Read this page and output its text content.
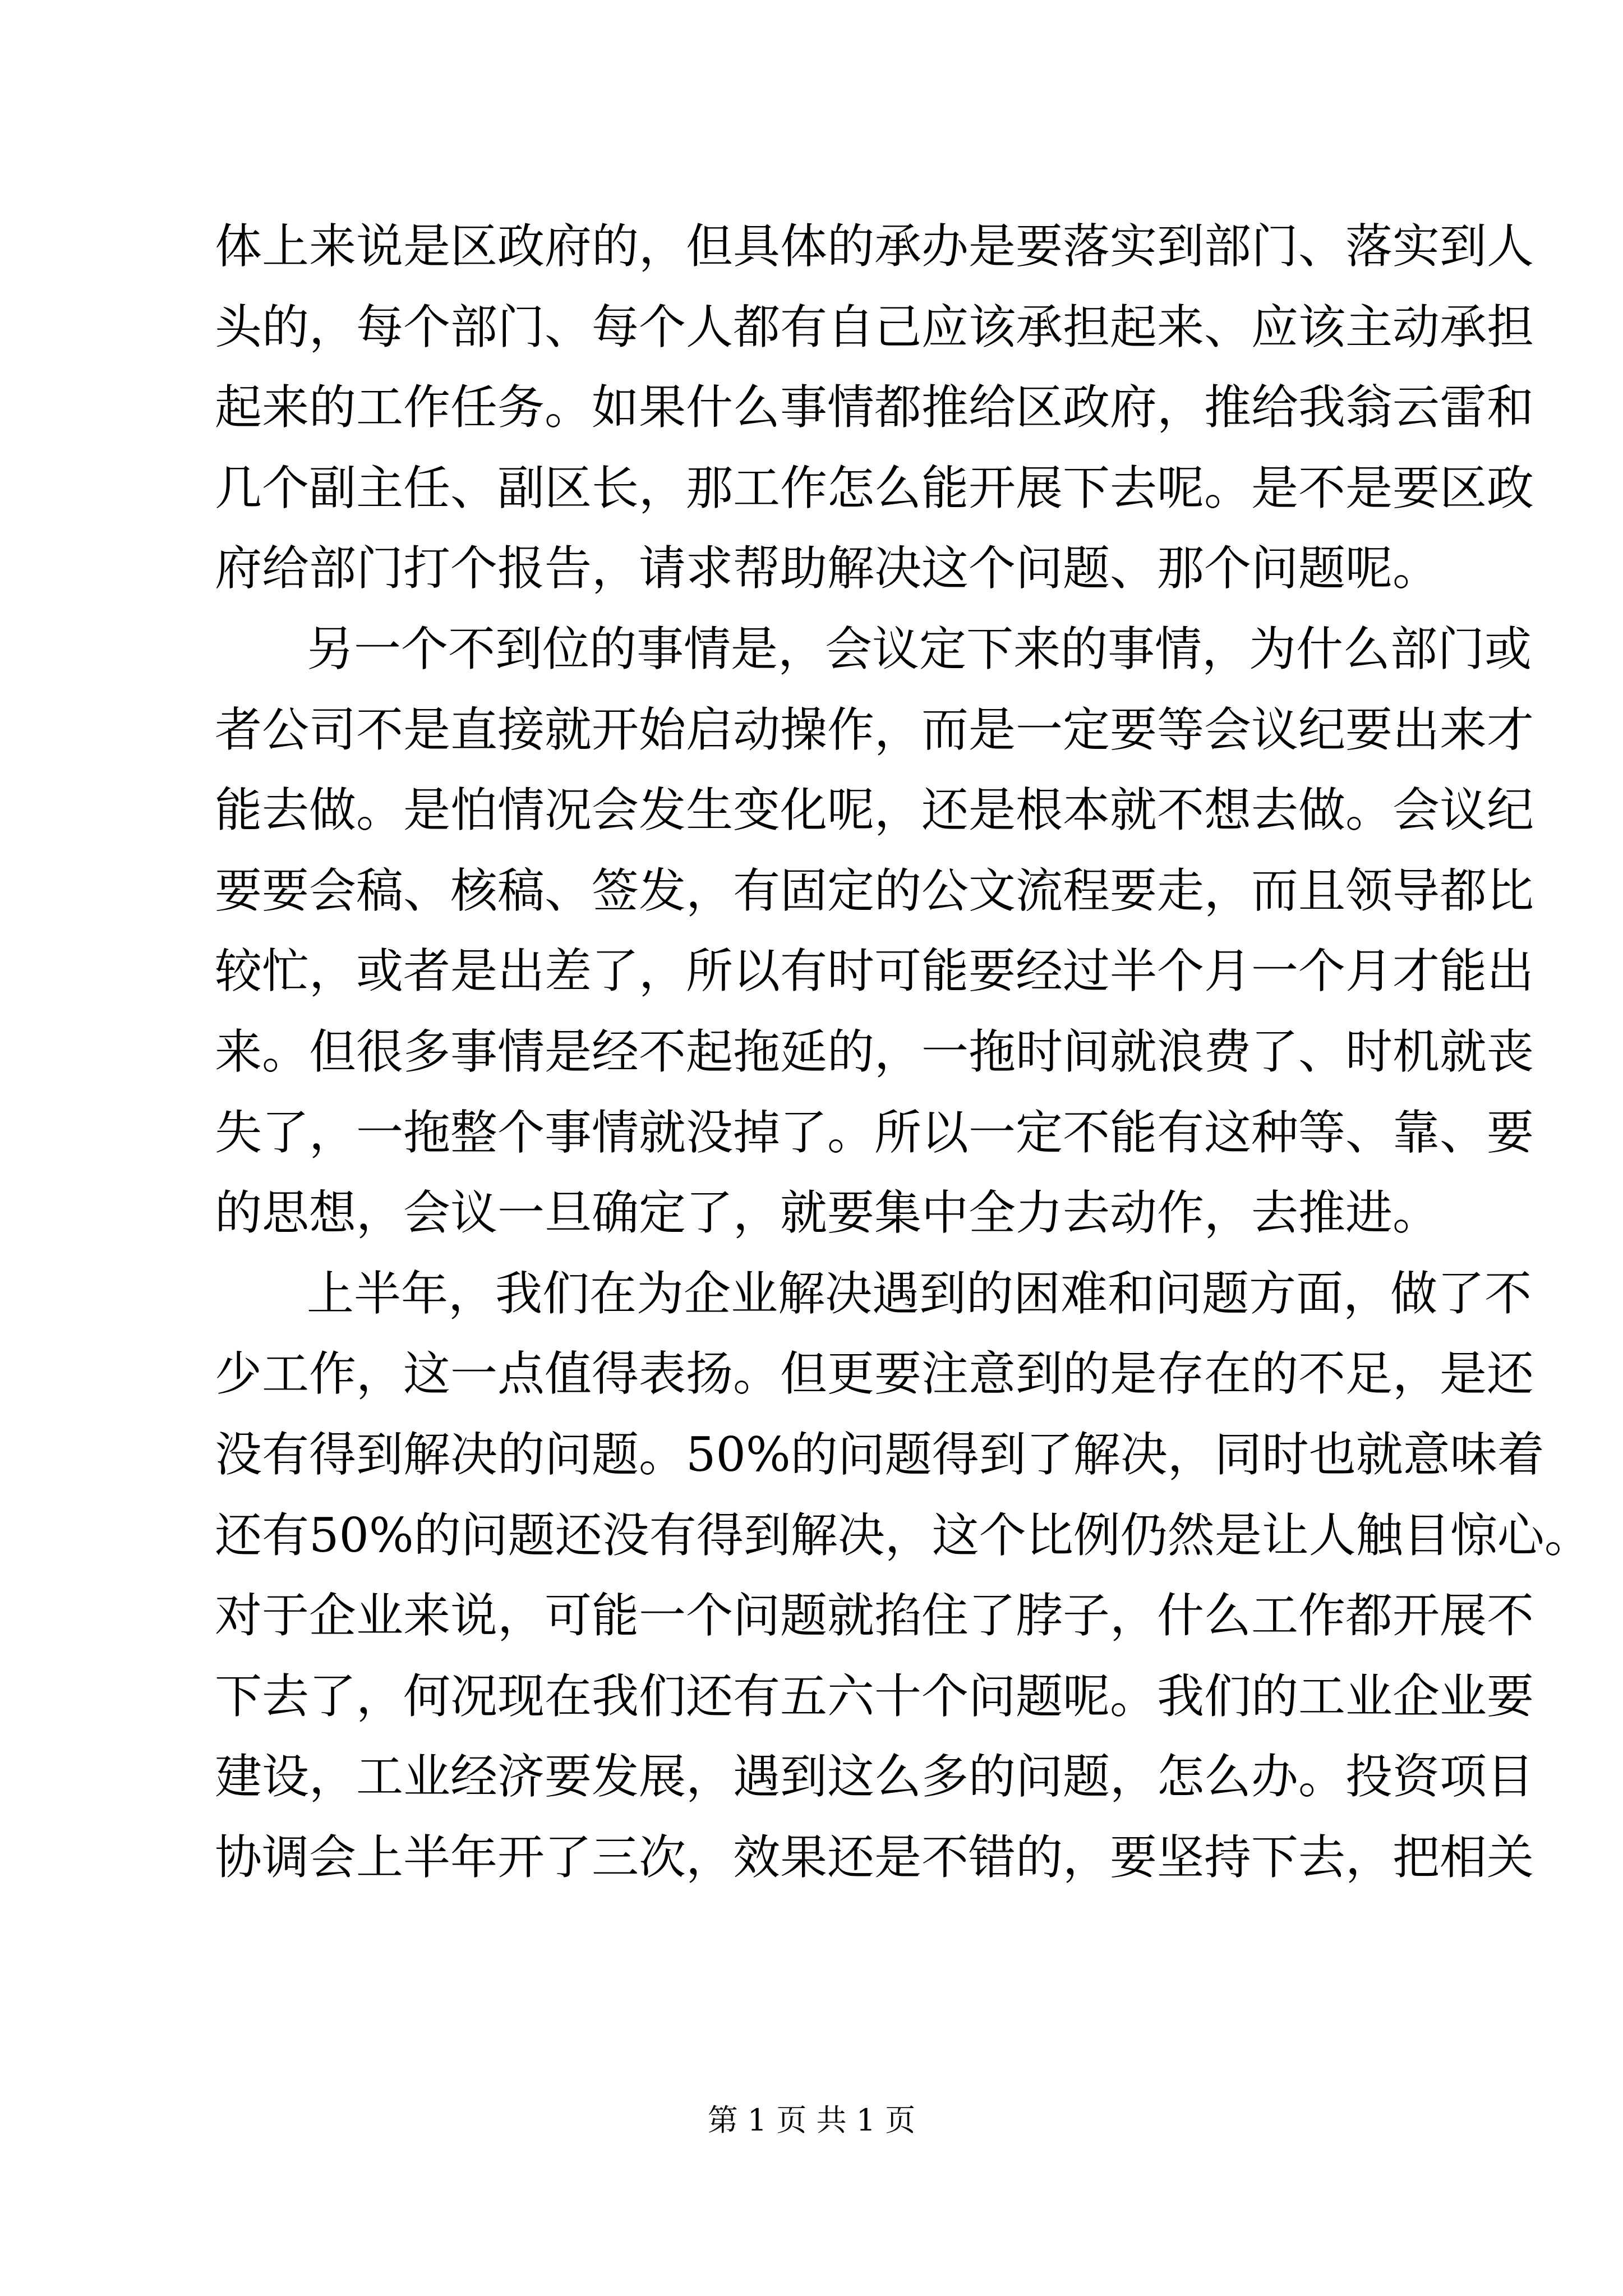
体上来说是区政府的，但具体的承办是要落实到部门、落实到人
头的，每个部门、每个人都有自己应该承担起来、应该主动承担
起来的工作任务。如果什么事情都推给区政府，推给我翁云雷和
几个副主任、副区长，那工作怎么能开展下去呢。是不是要区政
府给部门打个报告，请求帮助解决这个问题、那个问题呢。
另一个不到位的事情是，会议定下来的事情，为什么部门或
者公司不是直接就开始启动操作，而是一定要等会议纪要出来才
能去做。是怕情况会发生变化呢，还是根本就不想去做。会议纪
要要会稿、核稿、签发，有固定的公文流程要走，而且领导都比
较忙，或者是出差了，所以有时可能要经过半个月一个月才能出
来。但很多事情是经不起拖延的，一拖时间就浪费了、时机就丧
失了，一拖整个事情就没掉了。所以一定不能有这种等、靠、要
的思想，会议一旦确定了，就要集中全力去动作，去推进。
上半年，我们在为企业解决遇到的困难和问题方面，做了不
少工作，这一点值得表扬。但更要注意到的是存在的不足，是还
没有得到解决的问题。50%的问题得到了解决，同时也就意味着
还有50%的问题还没有得到解决，这个比例仍然是让人触目惊心。
对于企业来说，可能一个问题就掐住了脖子，什么工作都开展不
下去了，何况现在我们还有五六十个问题呢。我们的工业企业要
建设，工业经济要发展，遇到这么多的问题，怎么办。投资项目
协调会上半年开了三次，效果还是不错的，要坚持下去，把相关
第 1 页 共 1 页
